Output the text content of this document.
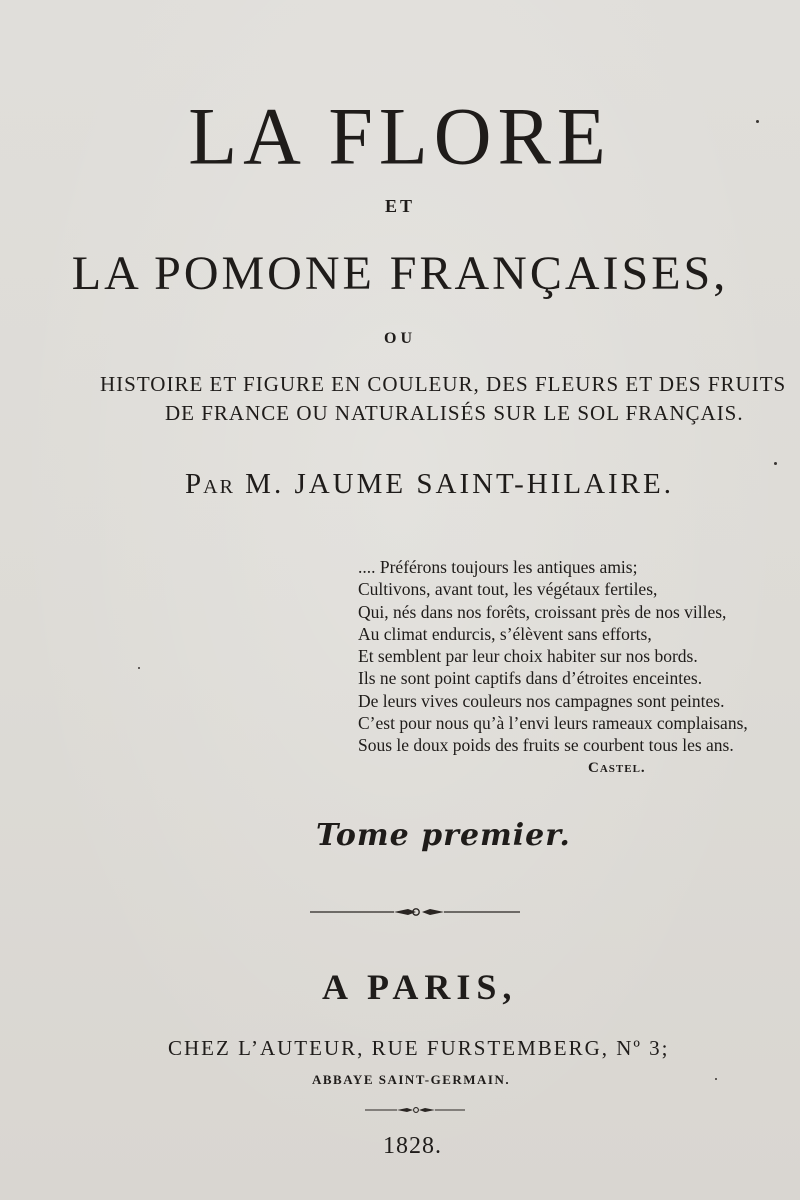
LA FLORE
ET
LA POMONE FRANÇAISES,
OU
HISTOIRE ET FIGURE EN COULEUR, DES FLEURS ET DES FRUITS
DE FRANCE OU NATURALISÉS SUR LE SOL FRANÇAIS.
Par M. JAUME SAINT-HILAIRE.
.... Préférons toujours les antiques amis;
Cultivons, avant tout, les végétaux fertiles,
Qui, nés dans nos forêts, croissant près de nos villes,
Au climat endurcis, s’élèvent sans efforts,
Et semblent par leur choix habiter sur nos bords.
Ils ne sont point captifs dans d’étroites enceintes.
De leurs vives couleurs nos campagnes sont peintes.
C’est pour nous qu’à l’envi leurs rameaux complaisans,
Sous le doux poids des fruits se courbent tous les ans.
Castel.
Tome premier.
A PARIS,
CHEZ L’AUTEUR, RUE FURSTEMBERG, Nº 3;
ABBAYE SAINT-GERMAIN.
1828.
